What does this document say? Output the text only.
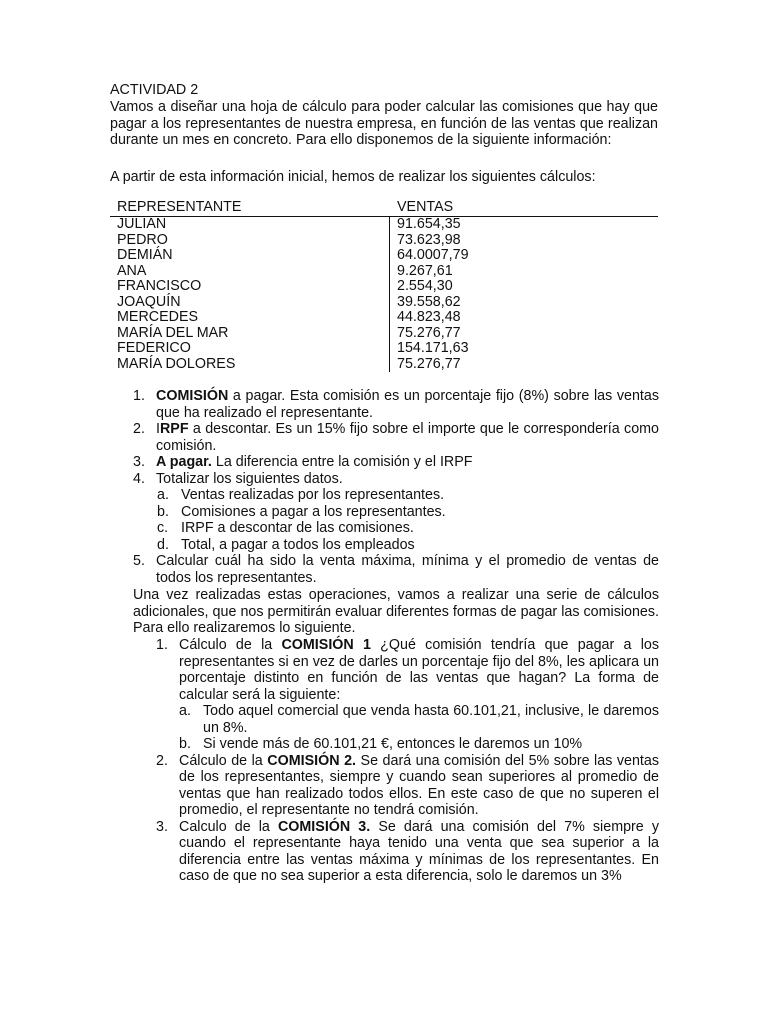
ACTIVIDAD 2
Vamos a diseñar una hoja de cálculo para poder calcular las comisiones que hay que
pagar a los representantes de nuestra empresa, en función de las ventas que realizan
durante un mes en concreto. Para ello disponemos de la siguiente información:
A partir de esta información inicial, hemos de realizar los siguientes cálculos:
REPRESENTANTE	VENTAS
JULIAN	91.654,35
PEDRO	73.623,98
DEMIÁN	64.0007,79
ANA	9.267,61
FRANCISCO	2.554,30
JOAQUÍN	39.558,62
MERCEDES	44.823,48
MARÍA DEL MAR	75.276,77
FEDERICO	154.171,63
MARÍA DOLORES	75.276,77
1. COMISIÓN a pagar. Esta comisión es un porcentaje fijo (8%) sobre las ventas que ha realizado el representante.
2. IRPF a descontar. Es un 15% fijo sobre el importe que le correspondería como comisión.
3. A pagar. La diferencia entre la comisión y el IRPF
4. Totalizar los siguientes datos.
a. Ventas realizadas por los representantes.
b. Comisiones a pagar a los representantes.
c. IRPF a descontar de las comisiones.
d. Total, a pagar a todos los empleados
5. Calcular cuál ha sido la venta máxima, mínima y el promedio de ventas de todos los representantes.
Una vez realizadas estas operaciones, vamos a realizar una serie de cálculos adicionales, que nos permitirán evaluar diferentes formas de pagar las comisiones. Para ello realizaremos lo siguiente.
1. Cálculo de la COMISIÓN 1 ¿Qué comisión tendría que pagar a los representantes si en vez de darles un porcentaje fijo del 8%, les aplicara un porcentaje distinto en función de las ventas que hagan? La forma de calcular será la siguiente:
a. Todo aquel comercial que venda hasta 60.101,21, inclusive, le daremos un 8%.
b. Si vende más de 60.101,21 €, entonces le daremos un 10%
2. Cálculo de la COMISIÓN 2. Se dará una comisión del 5% sobre las ventas de los representantes, siempre y cuando sean superiores al promedio de ventas que han realizado todos ellos. En este caso de que no superen el promedio, el representante no tendrá comisión.
3. Calculo de la COMISIÓN 3. Se dará una comisión del 7% siempre y cuando el representante haya tenido una venta que sea superior a la diferencia entre las ventas máxima y mínimas de los representantes. En caso de que no sea superior a esta diferencia, solo le daremos un 3%
